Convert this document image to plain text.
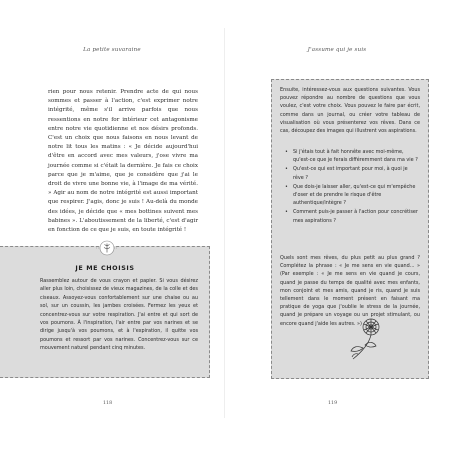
La petite suvaraine

rien pour nous retenir. Prendre acte de qui nous sommes et passer à l'action, c'est exprimer notre intégrité, même s'il arrive parfois que nous ressentions en notre for intérieur cet antagonisme entre notre vie quotidienne et nos désirs profonds. C'est un choix que nous faisons en nous levant de notre lit tous les matins : « Je décide aujourd'hui d'être en accord avec mes valeurs, j'ose vivre ma journée comme si c'était la dernière. Je fais ce choix parce que je m'aime, que je considère que j'ai le droit de vivre une bonne vie, à l'image de ma vérité. » Agir au nom de notre intégrité est aussi important que respirer. J'agis, donc je suis ! Au-delà du monde des idées, je décide que « mes bottines suivent mes babines ». L'aboutissement de la liberté, c'est d'agir en fonction de ce que je suis, en toute intégrité !

JE ME CHOISIS

Rassemblez autour de vous crayon et papier. Si vous désirez aller plus loin, choisissez de vieux magazines, de la colle et des ciseaux. Assoyez-vous confortablement sur une chaise ou au sol, sur un coussin, les jambes croisées. Fermez les yeux et concentrez-vous sur votre respiration. J'ai entre et qui sort de vos poumons. À l'inspiration, l'air entre par vos narines et se dirige jusqu'à vos poumons, et à l'expiration, il quitte vos poumons et ressort par vos narines. Concentrez-vous sur ce mouvement naturel pendant cinq minutes.

118
J'assume qui je suis

Ensuite, intéressez-vous aux questions suivantes. Vous pouvez répondre au nombre de questions que vous voulez, c'est votre choix. Vous pouvez le faire par écrit, comme dans un journal, ou créer votre tableau de visualisation où vous présenterez vos rêves. Dans ce cas, découpez des images qui illustrent vos aspirations.

• Si j'étais tout à fait honnête avec moi-même, qu'est-ce que je ferais différemment dans ma vie ?
• Qu'est-ce qui est important pour moi, à quoi je rêve ?
• Que dois-je laisser aller, qu'est-ce qui m'empêche d'oser et de prendre le risque d'être authentique/intègre ?
• Comment puis-je passer à l'action pour concrétiser mes aspirations ?

Quels sont mes rêves, du plus petit au plus grand ? Complétez la phrase : « Je me sens en vie quand... » (Par exemple : « Je me sens en vie quand je cours, quand je passe du temps de qualité avec mes enfants, mon conjoint et mes amis, quand je ris, quand je suis tellement dans le moment présent en faisant ma pratique de yoga que j'oublie le stress de la journée, quand je prépare un voyage ou un projet stimulant, ou encore quand j'aide les autres. »)

119
